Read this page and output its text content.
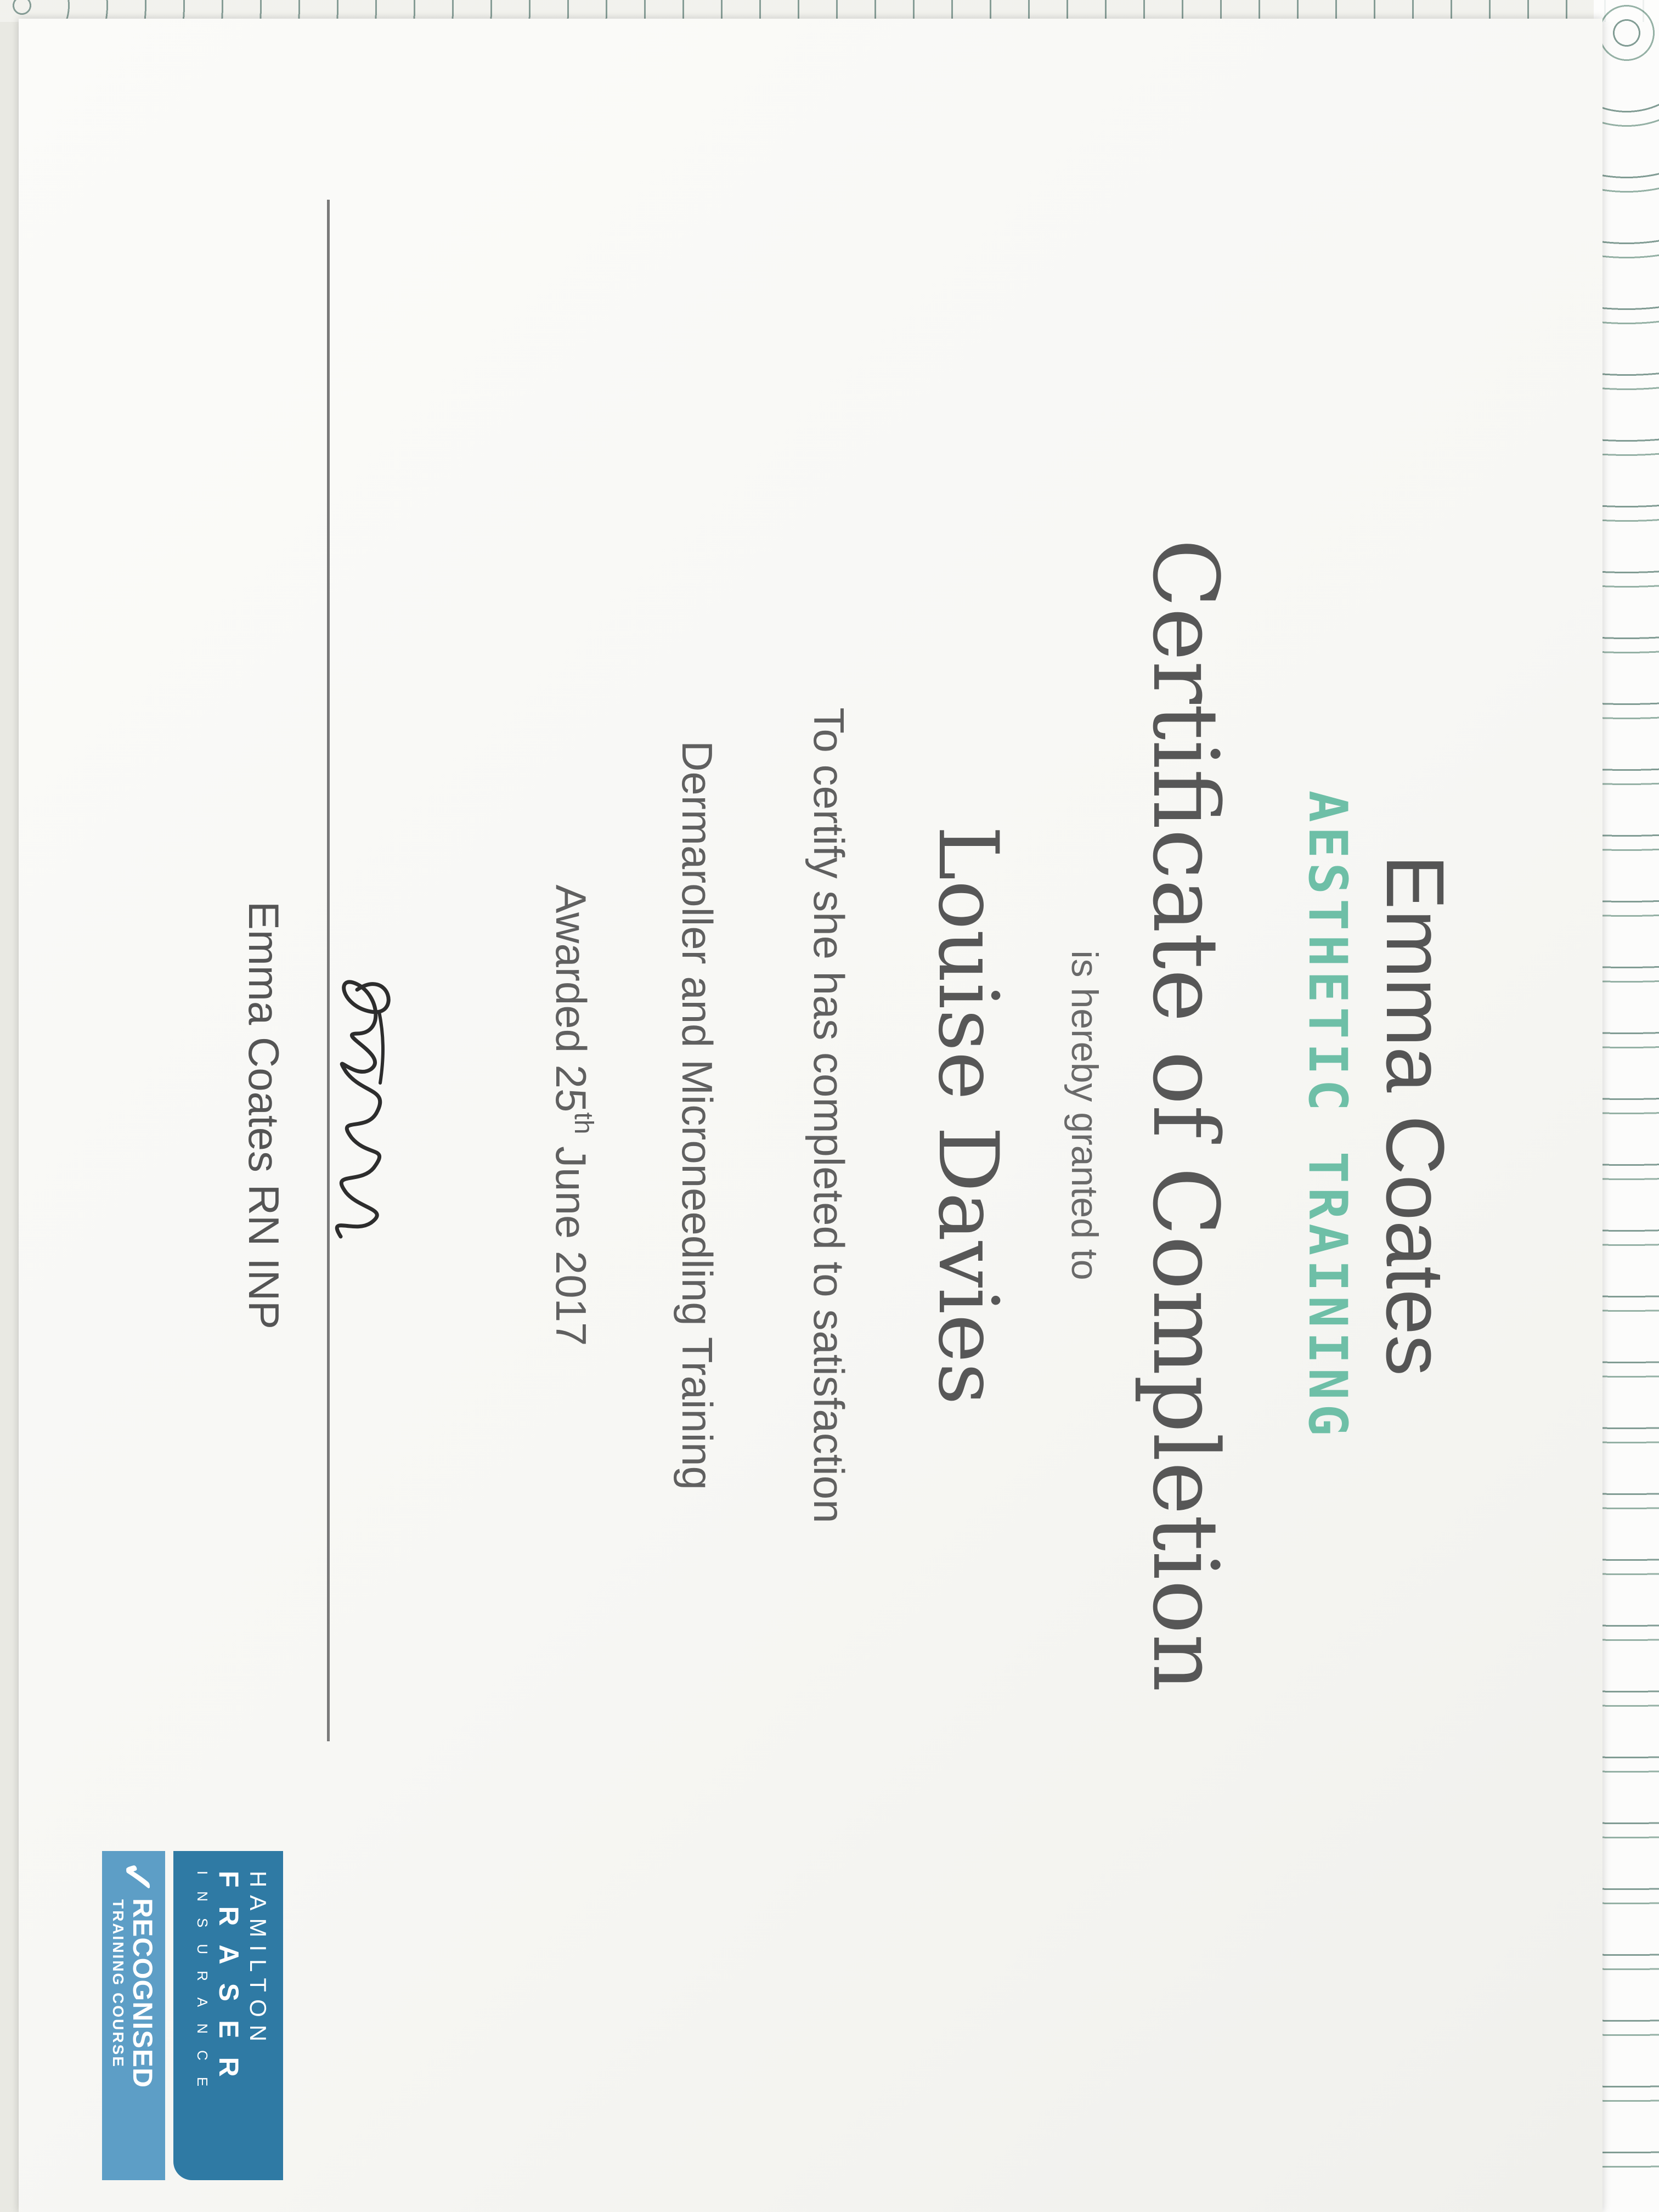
Emma Coates
AESTHETIC TRAINING
Certificate of Completion
is hereby granted to
Louise Davies
To certify she has completed to satisfaction
Dermaroller and Microneedling Training
Awarded 25th June 2017
Emma Coates RN INP
HAMILTON
FRASER
INSURANCE
✓
RECOGNISED
TRAINING COURSE
